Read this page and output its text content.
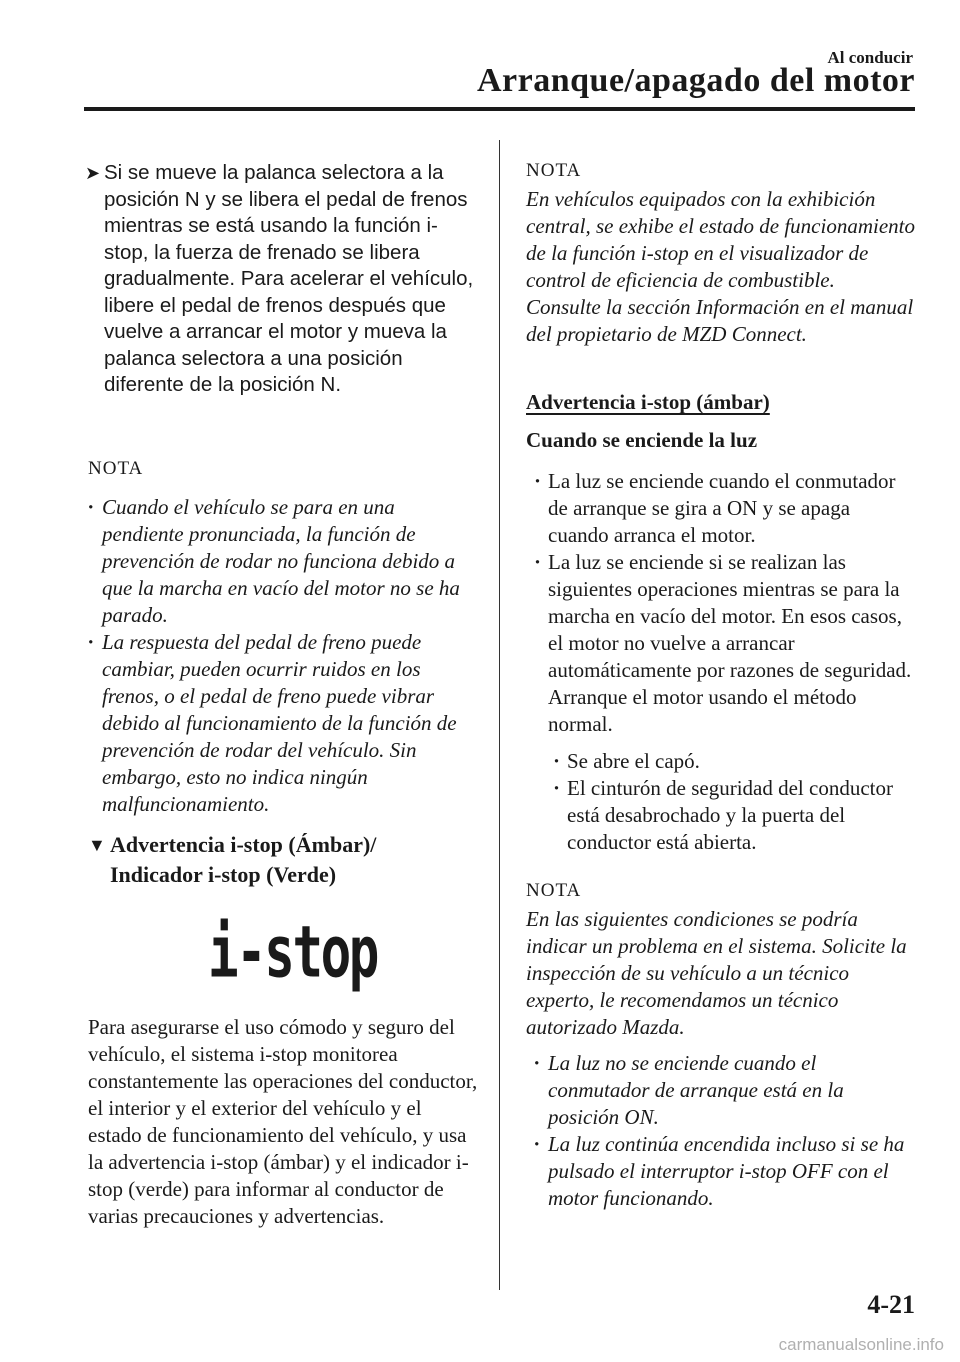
Al conducir
Arranque/apagado del motor
➤ Si se mueve la palanca selectora a la posición N y se libera el pedal de frenos mientras se está usando la función i-stop, la fuerza de frenado se libera gradualmente. Para acelerar el vehículo, libere el pedal de frenos después que vuelve a arrancar el motor y mueva la palanca selectora a una posición diferente de la posición N.
NOTA
· Cuando el vehículo se para en una pendiente pronunciada, la función de prevención de rodar no funciona debido a que la marcha en vacío del motor no se ha parado.
· La respuesta del pedal de freno puede cambiar, pueden ocurrir ruidos en los frenos, o el pedal de freno puede vibrar debido al funcionamiento de la función de prevención de rodar del vehículo. Sin embargo, esto no indica ningún malfuncionamiento.
▼ Advertencia i-stop (Ámbar)/
Indicador i-stop (Verde)
i-stop
Para asegurarse el uso cómodo y seguro del vehículo, el sistema i-stop monitorea constantemente las operaciones del conductor, el interior y el exterior del vehículo y el estado de funcionamiento del vehículo, y usa la advertencia i-stop (ámbar) y el indicador i-stop (verde) para informar al conductor de varias precauciones y advertencias.
NOTA
En vehículos equipados con la exhibición central, se exhibe el estado de funcionamiento de la función i-stop en el visualizador de control de eficiencia de combustible.
Consulte la sección Información en el manual del propietario de MZD Connect.
Advertencia i-stop (ámbar)
Cuando se enciende la luz
· La luz se enciende cuando el conmutador de arranque se gira a ON y se apaga cuando arranca el motor.
· La luz se enciende si se realizan las siguientes operaciones mientras se para la marcha en vacío del motor. En esos casos, el motor no vuelve a arrancar automáticamente por razones de seguridad. Arranque el motor usando el método normal.
· Se abre el capó.
· El cinturón de seguridad del conductor está desabrochado y la puerta del conductor está abierta.
NOTA
En las siguientes condiciones se podría indicar un problema en el sistema. Solicite la inspección de su vehículo a un técnico experto, le recomendamos un técnico autorizado Mazda.
· La luz no se enciende cuando el conmutador de arranque está en la posición ON.
· La luz continúa encendida incluso si se ha pulsado el interruptor i-stop OFF con el motor funcionando.
4-21
carmanualsonline.info
